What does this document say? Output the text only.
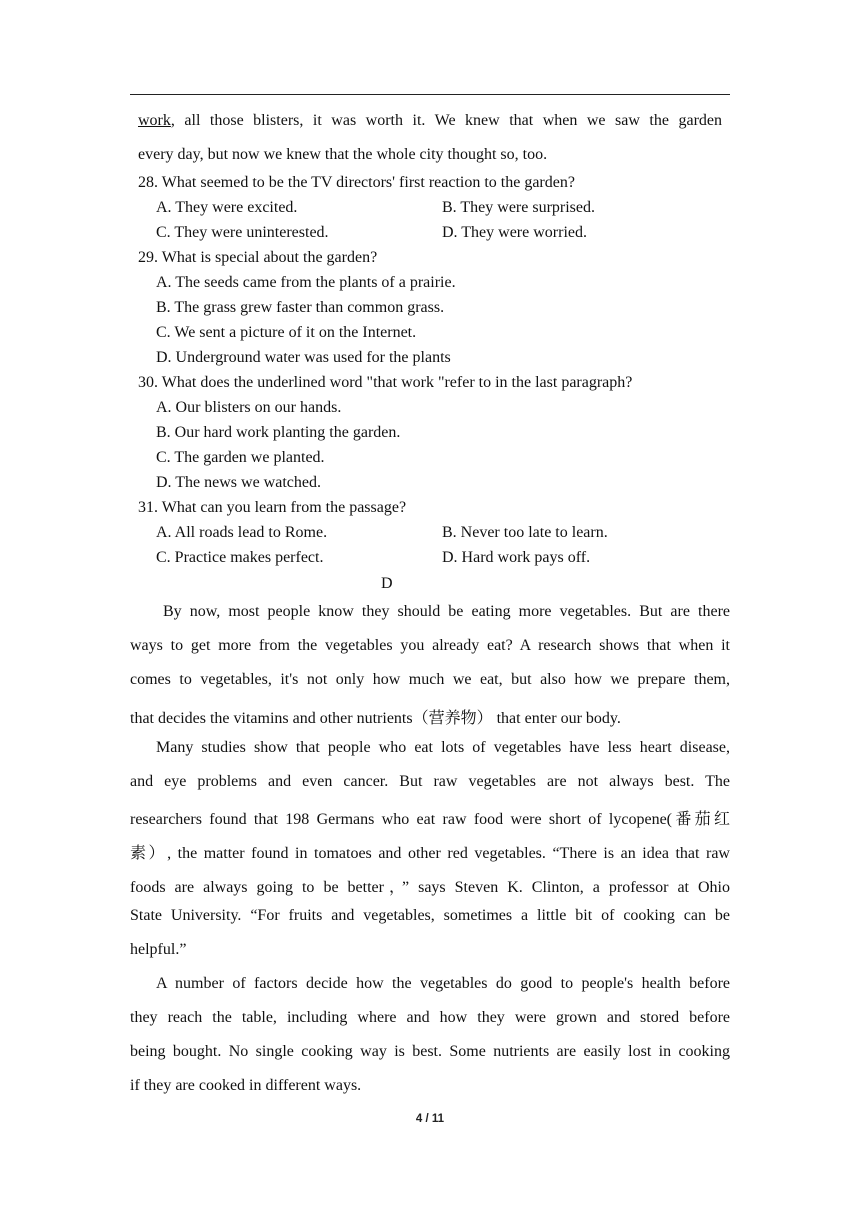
work, all those blisters, it was worth it. We knew that when we saw the garden
every day, but now we knew that the whole city thought so, too.
28. What seemed to be the TV directors' first reaction to the garden?
A. They were excited.	B. They were surprised.
C. They were uninterested.	D. They were worried.
29. What is special about the garden?
A. The seeds came from the plants of a prairie.
B. The grass grew faster than common grass.
C. We sent a picture of it on the Internet.
D. Underground water was used for the plants
30. What does the underlined word "that work "refer to in the last paragraph?
A. Our blisters on our hands.
B. Our hard work planting the garden.
C. The garden we planted.
D. The news we watched.
31. What can you learn from the passage?
A. All roads lead to Rome.	B. Never too late to learn.
C. Practice makes perfect.	D. Hard work pays off.
D
By now, most people know they should be eating more vegetables. But are there
ways to get more from the vegetables you already eat? A research shows that when it
comes to vegetables, it's not only how much we eat, but also how we prepare them,
that decides the vitamins and other nutrients（营养物） that enter our body.
Many studies show that people who eat lots of vegetables have less heart disease,
and eye problems and even cancer. But raw vegetables are not always best. The
researchers found that 198 Germans who eat raw food were short of lycopene(番茄红
素）, the matter found in tomatoes and other red vegetables. “There is an idea that raw
foods are always going to be better，” says Steven K. Clinton, a professor at Ohio
State University. “For fruits and vegetables, sometimes a little bit of cooking can be
helpful.”
A number of factors decide how the vegetables do good to people's health before
they reach the table, including where and how they were grown and stored before
being bought. No single cooking way is best. Some nutrients are easily lost in cooking
if they are cooked in different ways.
4 / 11
